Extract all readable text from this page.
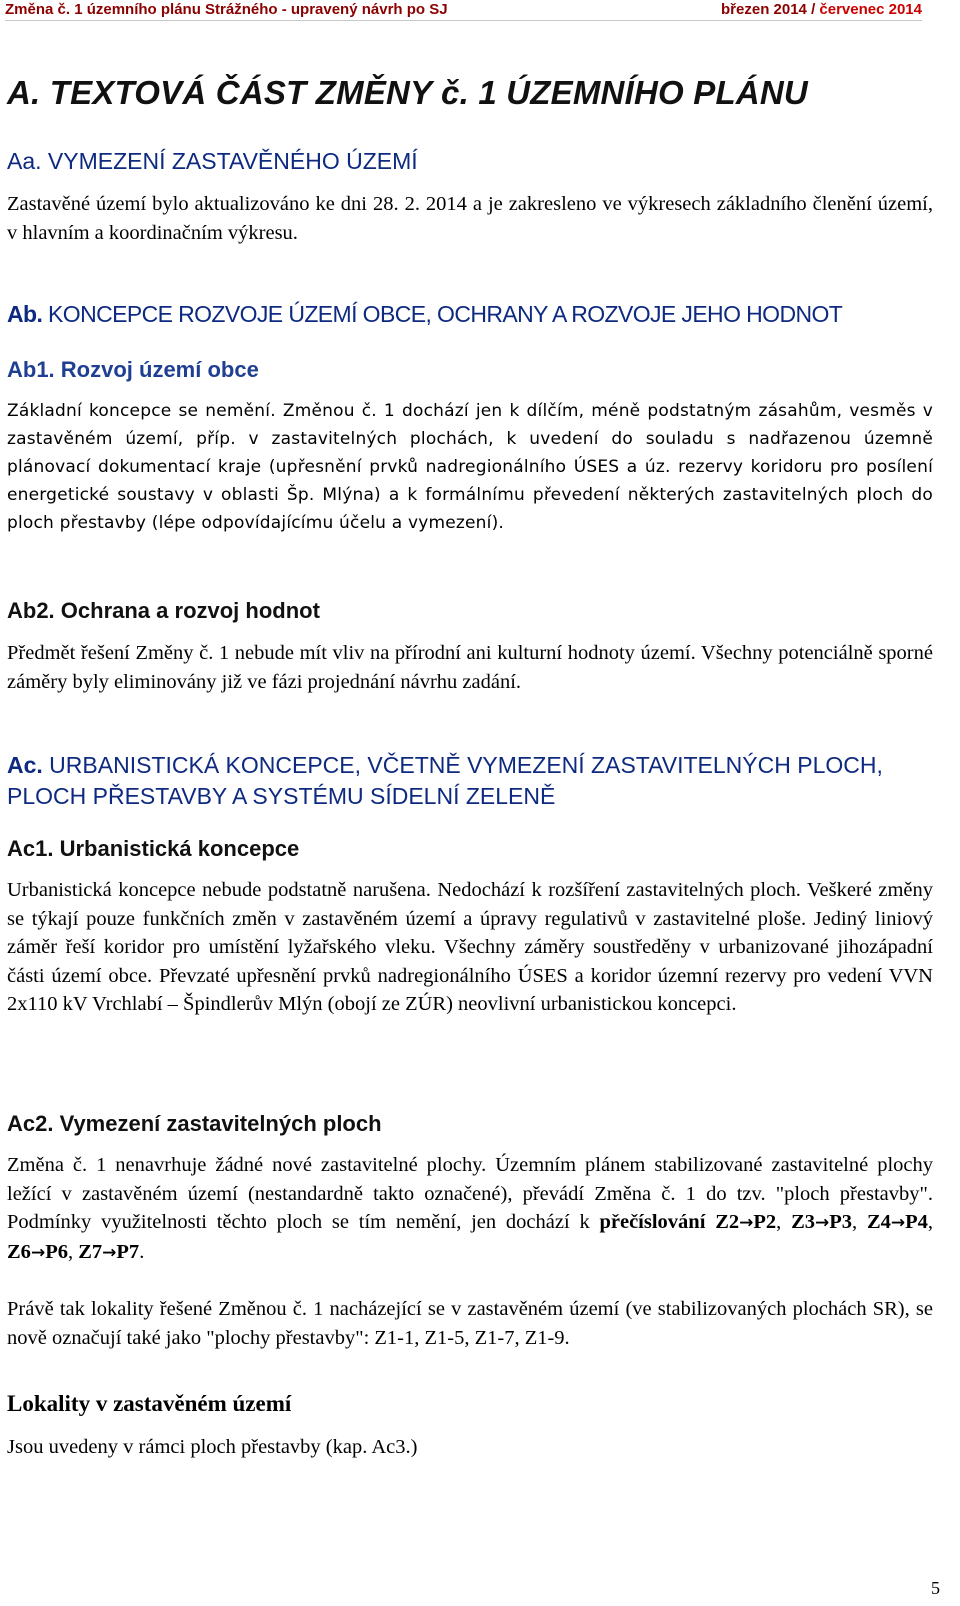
Změna č. 1 územního plánu Strážného - upravený návrh po SJ	březen 2014 / červenec 2014
A. TEXTOVÁ ČÁST ZMĚNY č. 1 ÚZEMNÍHO PLÁNU
Aa. VYMEZENÍ ZASTAVĚNÉHO ÚZEMÍ
Zastavěné území bylo aktualizováno ke dni 28. 2. 2014 a je zakresleno ve výkresech základního členění území, v hlavním a koordinačním výkresu.
Ab. KONCEPCE ROZVOJE ÚZEMÍ OBCE, OCHRANY A ROZVOJE JEHO HODNOT
Ab1. Rozvoj území obce
Základní koncepce se nemění. Změnou č. 1 dochází jen k dílčím, méně podstatným zásahům, vesměs v zastavěném území, příp. v zastavitelných plochách, k uvedení do souladu s nadřazenou územně plánovací dokumentací kraje (upřesnění prvků nadregionálního ÚSES a úz. rezervy koridoru pro posílení energetické soustavy v oblasti Šp. Mlýna) a k formálnímu převedení některých zastavitelných ploch do ploch přestavby (lépe odpovídajícímu účelu a vymezení).
Ab2. Ochrana a rozvoj hodnot
Předmět řešení Změny č. 1 nebude mít vliv na přírodní ani kulturní hodnoty území. Všechny potenciálně sporné záměry byly eliminovány již ve fázi projednání návrhu zadání.
Ac. URBANISTICKÁ KONCEPCE, VČETNĚ VYMEZENÍ ZASTAVITELNÝCH PLOCH, PLOCH PŘESTAVBY A SYSTÉMU SÍDELNÍ ZELENĚ
Ac1. Urbanistická koncepce
Urbanistická koncepce nebude podstatně narušena. Nedochází k rozšíření zastavitelných ploch. Veškeré změny se týkají pouze funkčních změn v zastavěném území a úpravy regulativů v zastavitelné ploše. Jediný liniový záměr řeší koridor pro umístění lyžařského vleku. Všechny záměry soustředěny v urbanizované jihozápadní části území obce. Převzaté upřesnění prvků nadregionálního ÚSES a koridor územní rezervy pro vedení VVN 2x110 kV Vrchlabí – Špindlerův Mlýn (obojí ze ZÚR) neovlivní urbanistickou koncepci.
Ac2. Vymezení zastavitelných ploch
Změna č. 1 nenavrhuje žádné nové zastavitelné plochy. Územním plánem stabilizované zastavitelné plochy ležící v zastavěném území (nestandardně takto označené), převádí Změna č. 1 do tzv. "ploch přestavby". Podmínky využitelnosti těchto ploch se tím nemění, jen dochází k přečíslování Z2→P2, Z3→P3, Z4→P4, Z6→P6, Z7→P7.
Právě tak lokality řešené Změnou č. 1 nacházející se v zastavěném území (ve stabilizovaných plochách SR), se nově označují také jako "plochy přestavby": Z1-1, Z1-5, Z1-7, Z1-9.
Lokality v zastavěném území
Jsou uvedeny v rámci ploch přestavby (kap. Ac3.)
5
